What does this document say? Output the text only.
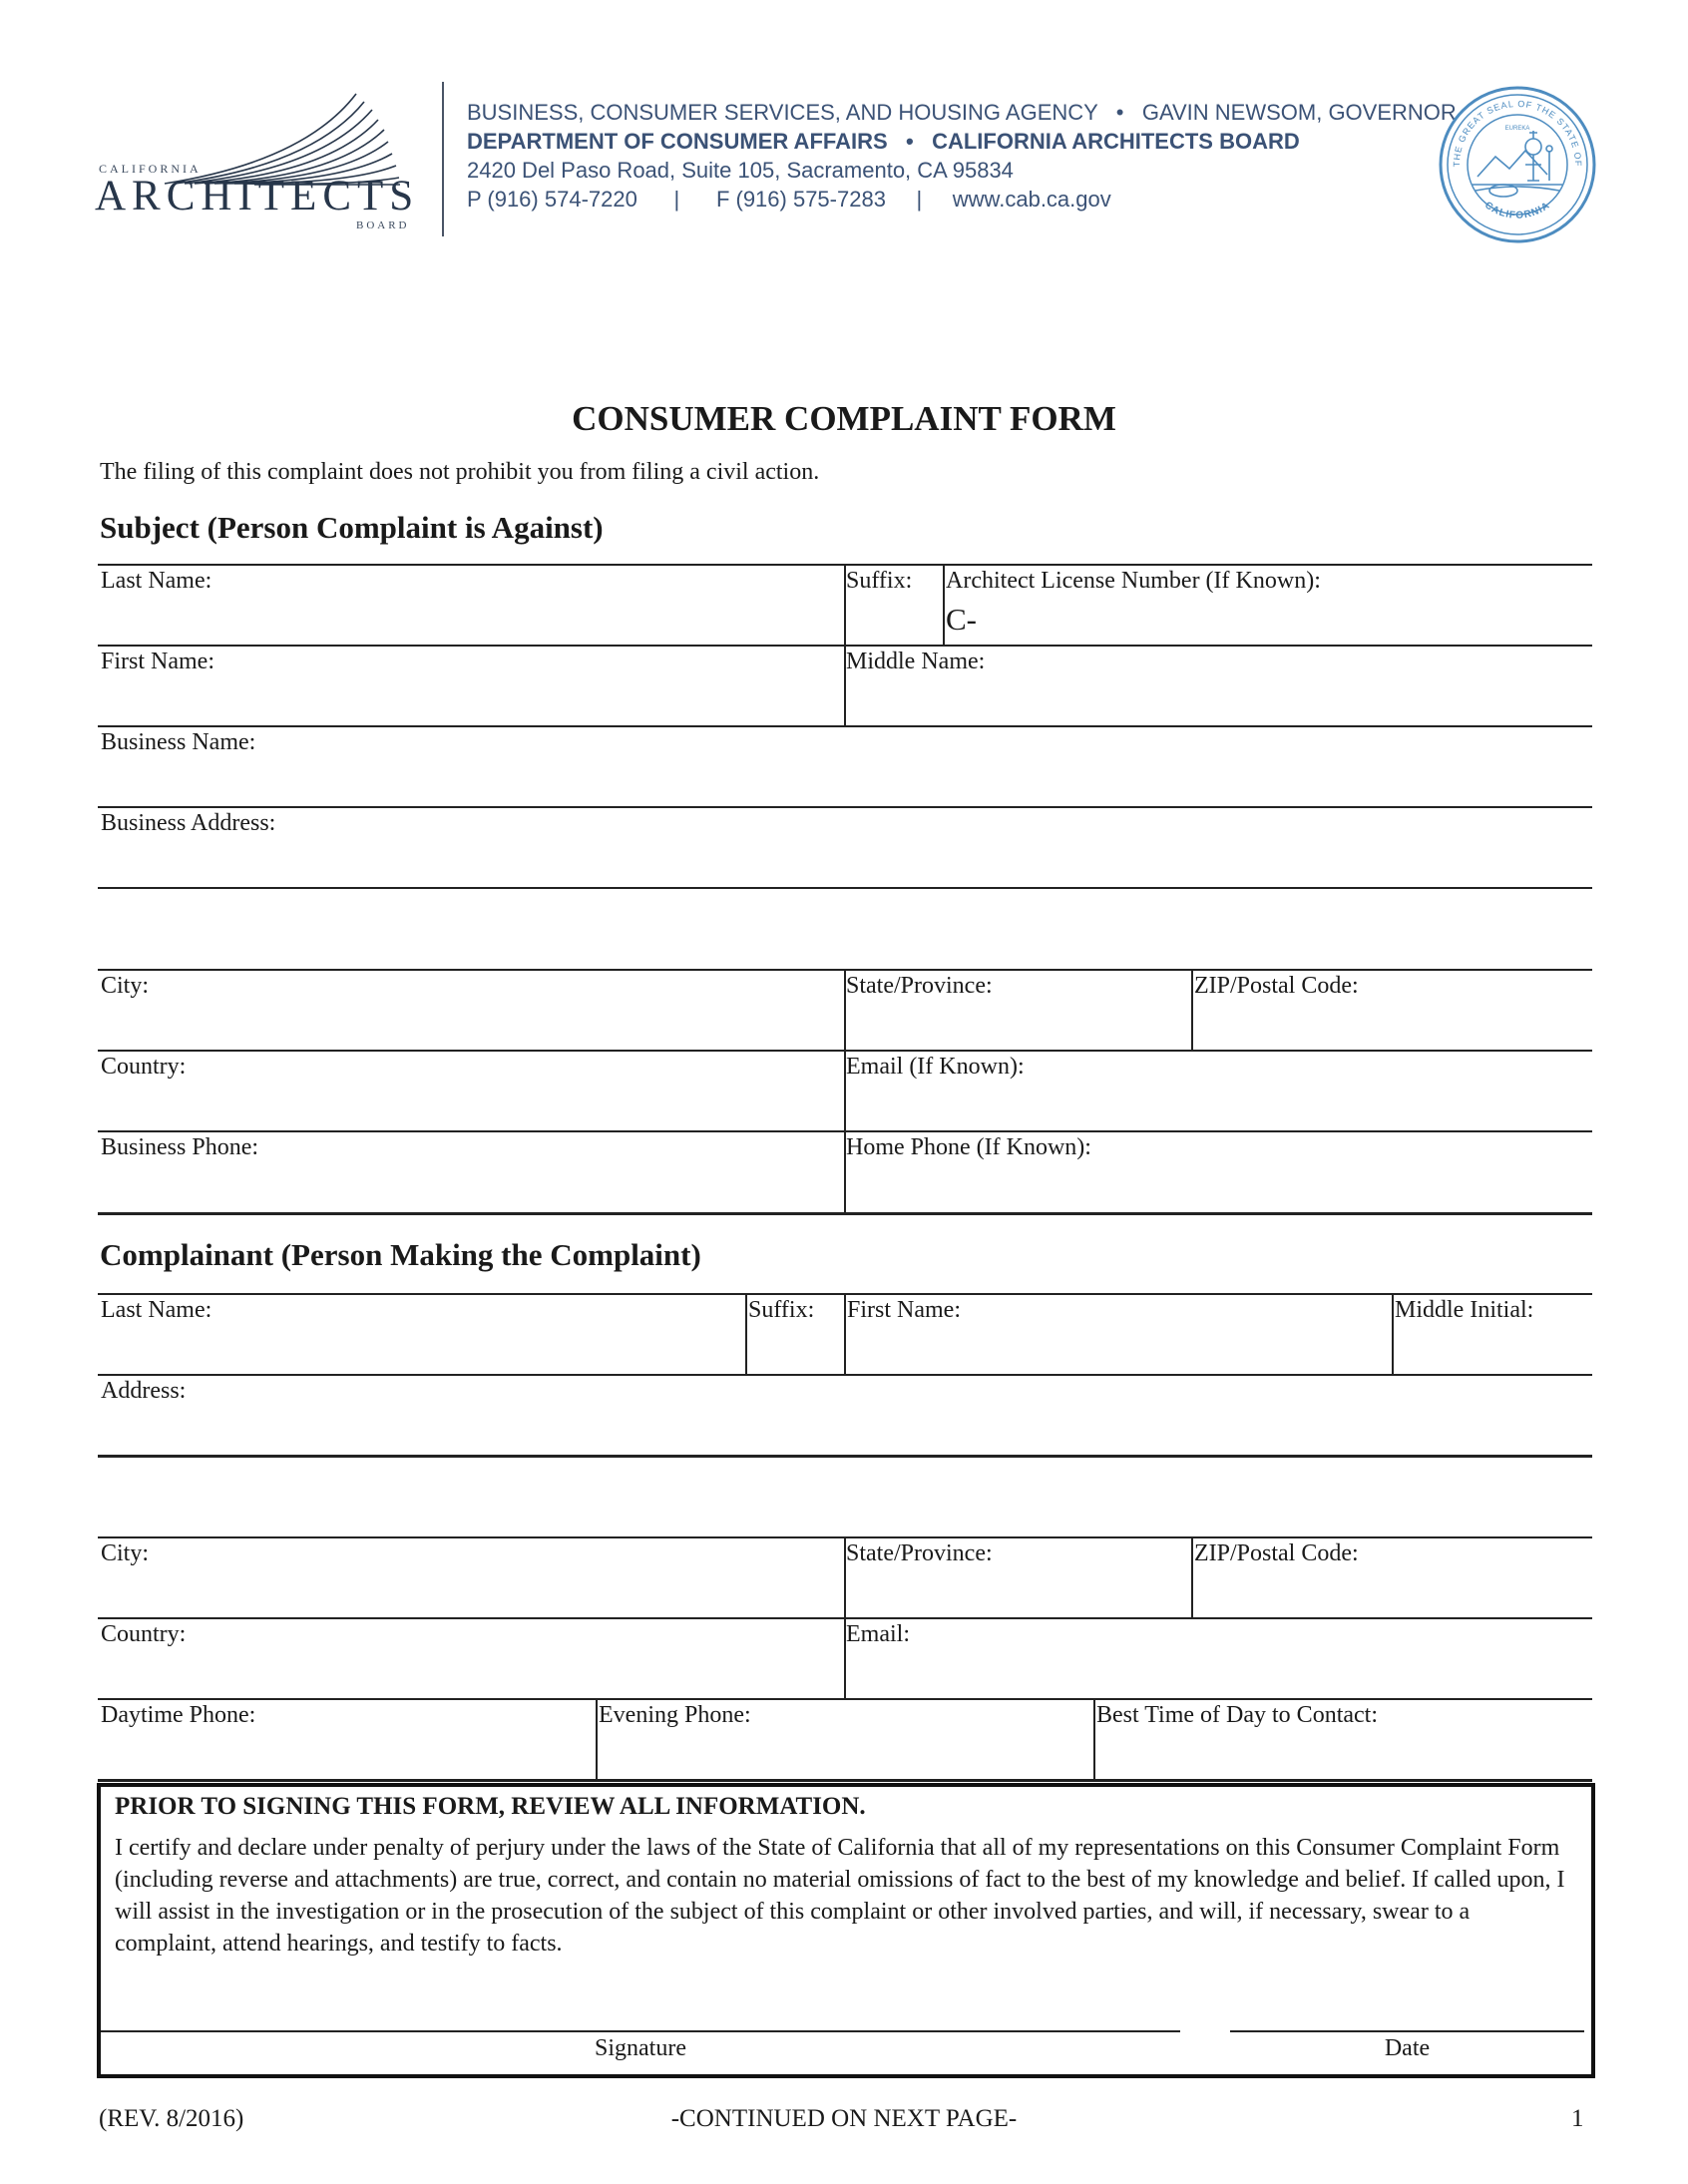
CALIFORNIA
ARCHITECTS
BOARD
BUSINESS, CONSUMER SERVICES, AND HOUSING AGENCY • GAVIN NEWSOM, GOVERNOR
DEPARTMENT OF CONSUMER AFFAIRS • CALIFORNIA ARCHITECTS BOARD
2420 Del Paso Road, Suite 105, Sacramento, CA 95834
P (916) 574-7220 | F (916) 575-7283 | www.cab.ca.gov
THE GREAT SEAL OF THE STATE OF
CALIFORNIA
EUREKA
CONSUMER COMPLAINT FORM
The filing of this complaint does not prohibit you from filing a civil action.
Subject (Person Complaint is Against)
Last Name:	Suffix: Architect License Number (If Known):
C-
First Name:	Middle Name:
Business Name:
Business Address:
City:	State/Province:	ZIP/Postal Code:
Country:	Email (If Known):
Business Phone:	Home Phone (If Known):
Complainant (Person Making the Complaint)
Last Name:	Suffix: First Name:	Middle Initial:
Address:
City:	State/Province:	ZIP/Postal Code:
Country:	Email:
Daytime Phone:	Evening Phone:	Best Time of Day to Contact:
PRIOR TO SIGNING THIS FORM, REVIEW ALL INFORMATION.
I certify and declare under penalty of perjury under the laws of the State of California that all of my representations on this Consumer Complaint Form (including reverse and attachments) are true, correct, and contain no material omissions of fact to the best of my knowledge and belief. If called upon, I will assist in the investigation or in the prosecution of the subject of this complaint or other involved parties, and will, if necessary, swear to a complaint, attend hearings, and testify to facts.
Signature	Date
(REV. 8/2016)	-CONTINUED ON NEXT PAGE-	1
